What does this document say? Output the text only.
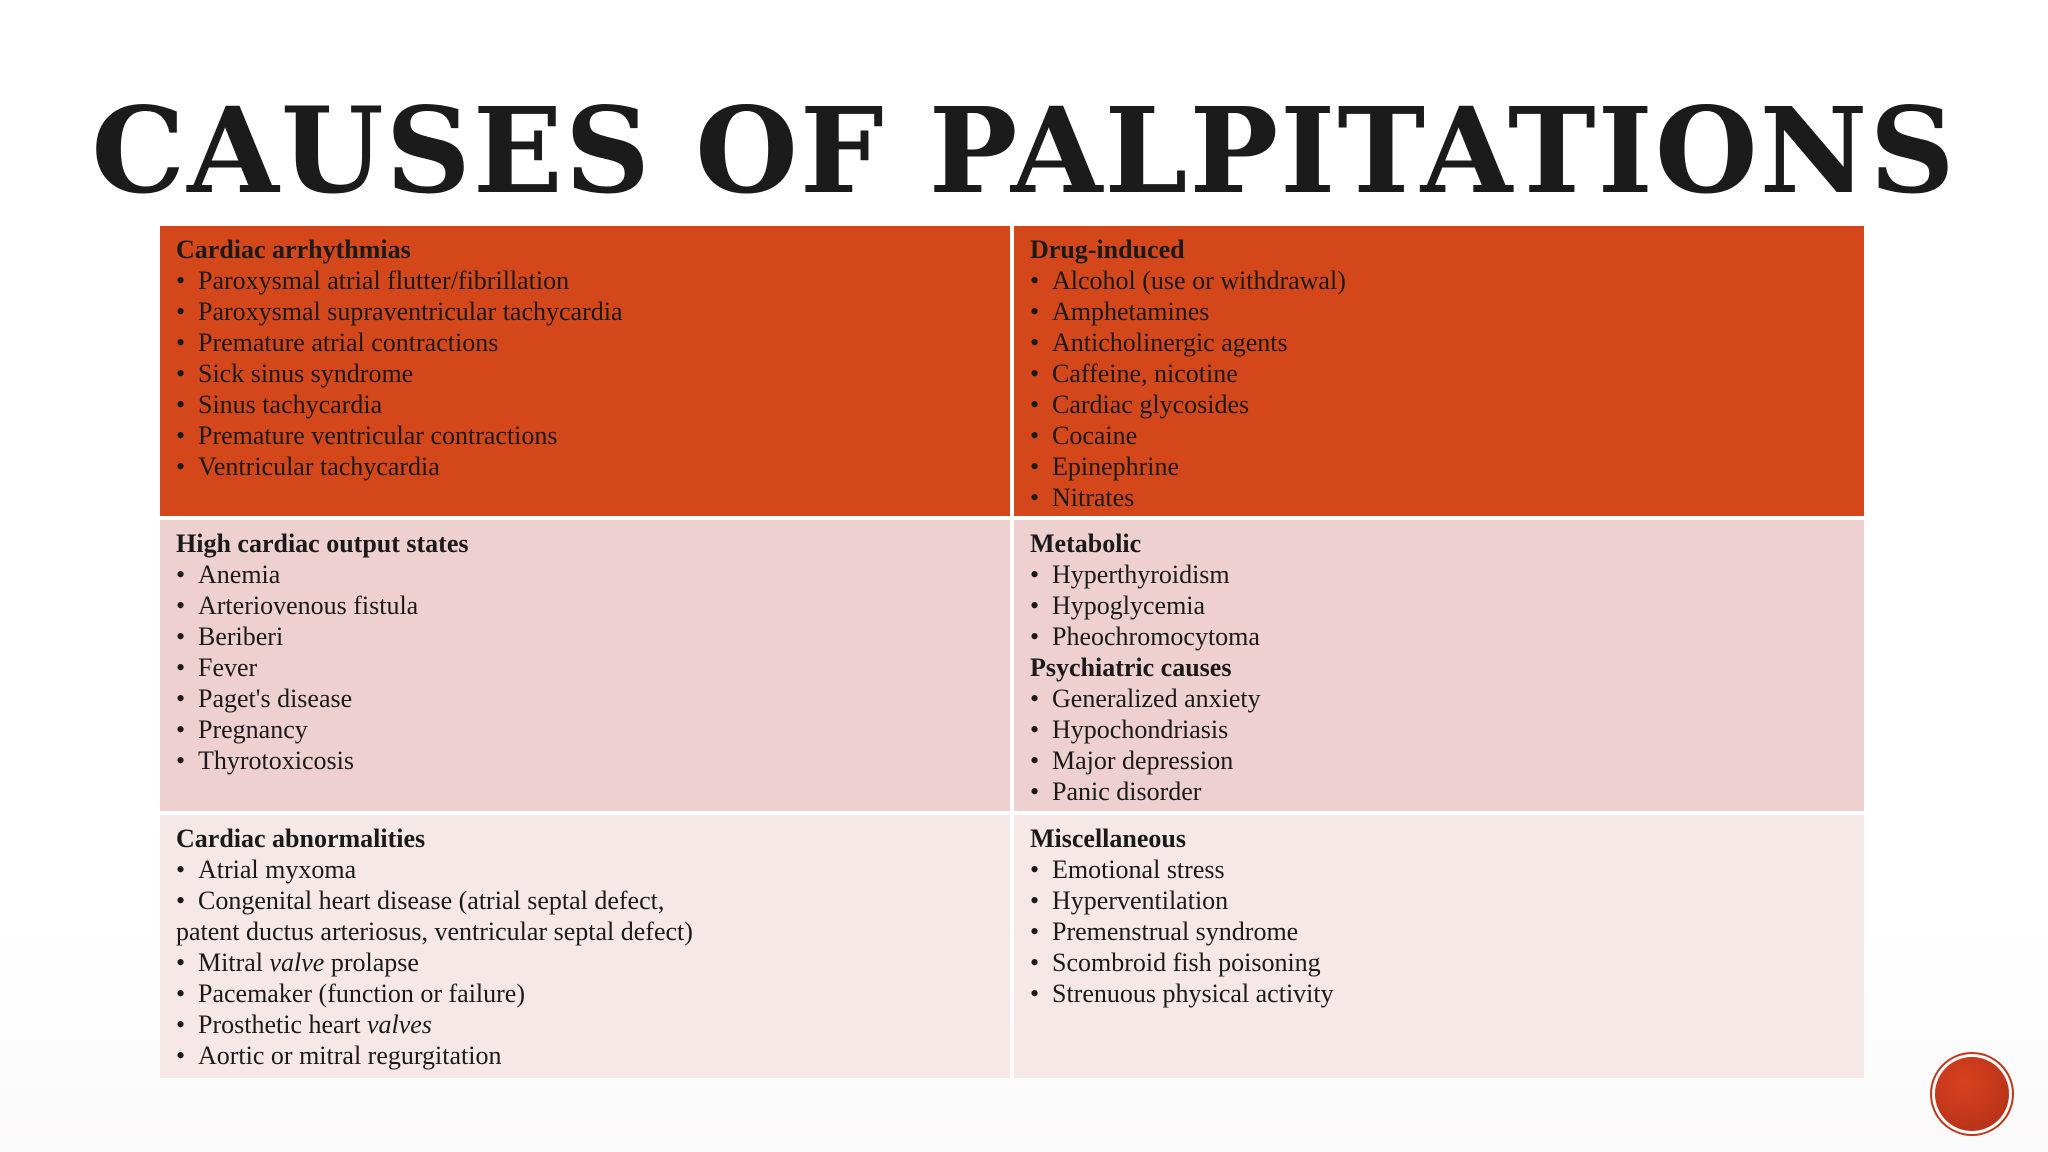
CAUSES OF PALPITATIONS
Cardiac arrhythmias
• Paroxysmal atrial flutter/fibrillation
• Paroxysmal supraventricular tachycardia
• Premature atrial contractions
• Sick sinus syndrome
• Sinus tachycardia
• Premature ventricular contractions
• Ventricular tachycardia
Drug-induced
• Alcohol (use or withdrawal)
• Amphetamines
• Anticholinergic agents
• Caffeine, nicotine
• Cardiac glycosides
• Cocaine
• Epinephrine
• Nitrates
High cardiac output states
• Anemia
• Arteriovenous fistula
• Beriberi
• Fever
• Paget's disease
• Pregnancy
• Thyrotoxicosis
Metabolic
• Hyperthyroidism
• Hypoglycemia
• Pheochromocytoma
Psychiatric causes
• Generalized anxiety
• Hypochondriasis
• Major depression
• Panic disorder
Cardiac abnormalities
• Atrial myxoma
• Congenital heart disease (atrial septal defect,
patent ductus arteriosus, ventricular septal defect)
• Mitral valve prolapse
• Pacemaker (function or failure)
• Prosthetic heart valves
• Aortic or mitral regurgitation
Miscellaneous
• Emotional stress
• Hyperventilation
• Premenstrual syndrome
• Scombroid fish poisoning
• Strenuous physical activity
